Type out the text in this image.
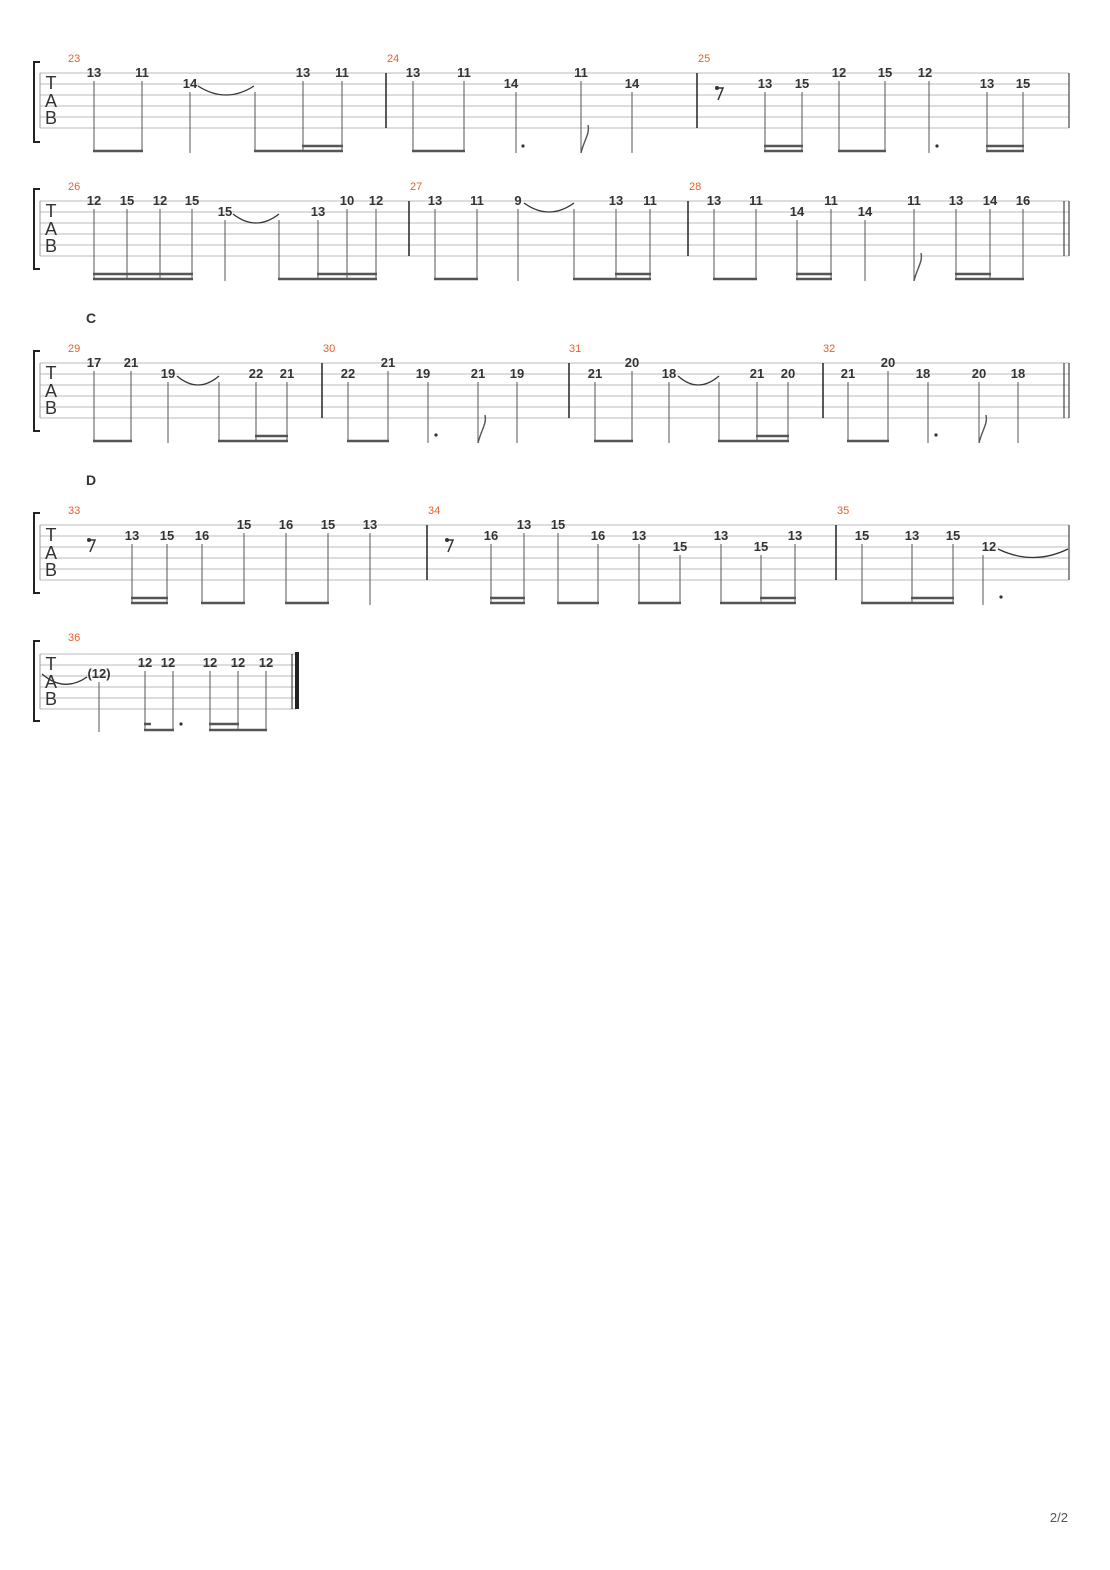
T
A
B
23	24	25
13	11
14
13 11	13	11
14
11
14	13 15
12 15 12
13 15
T
A
B
26	27	28
12 15 12 15
15	13
10 12	13 11 9	13 11	13 11
14
11
14
11 13 14 16
C
T
A
B
29	30	31	32
17 21
19	22 21	22
21
19	21 19	21
20
18	21 20	21
20
18	20 18
D
T
A
B
33	34	35
13 15 16
15 16 15 13
16
13 15
16 13
15
13
15
13	15	13 15
12
T
A
B
36
(12)
12 12 12 12 12
2/2
